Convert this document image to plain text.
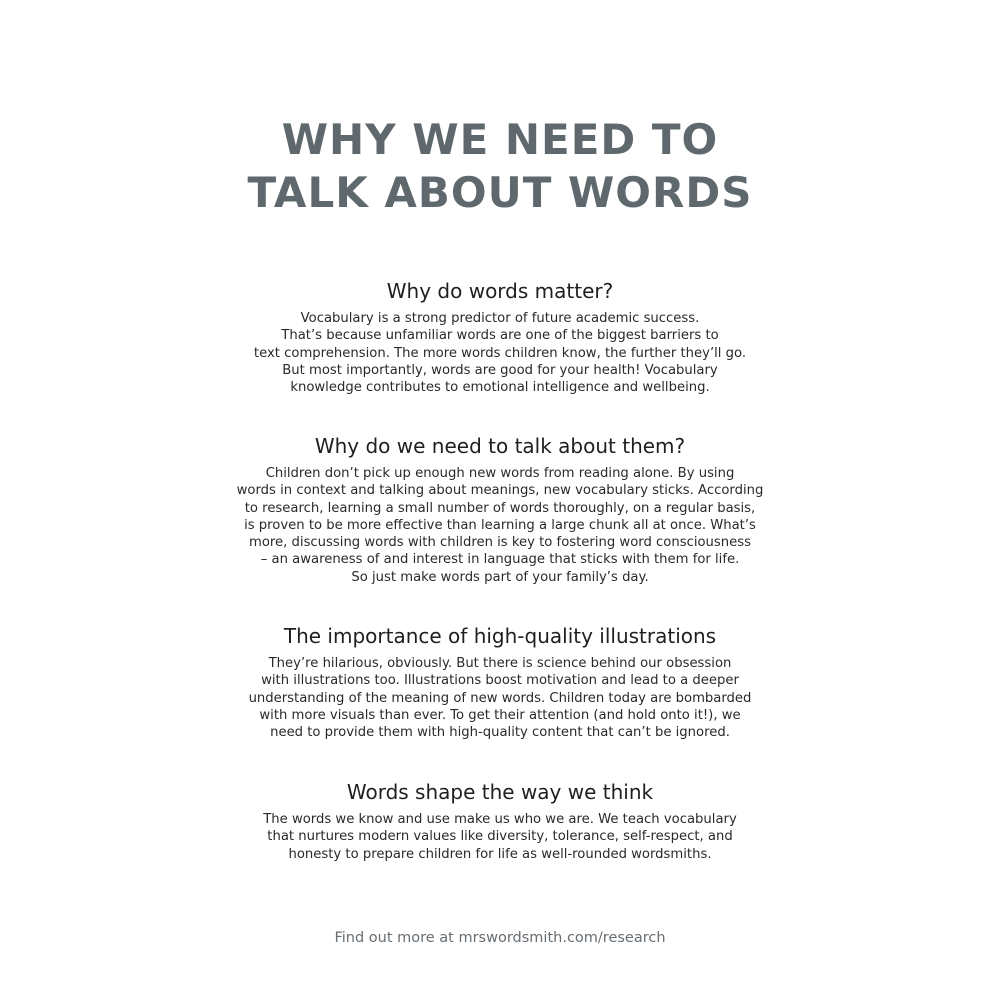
WHY WE NEED TO
TALK ABOUT WORDS
Why do words matter?

Vocabulary is a strong predictor of future academic success.
That’s because unfamiliar words are one of the biggest barriers to
text comprehension. The more words children know, the further they’ll go.
But most importantly, words are good for your health! Vocabulary
knowledge contributes to emotional intelligence and wellbeing.

Why do we need to talk about them?

Children don’t pick up enough new words from reading alone. By using
words in context and talking about meanings, new vocabulary sticks. According
to research, learning a small number of words thoroughly, on a regular basis,
is proven to be more effective than learning a large chunk all at once. What’s
more, discussing words with children is key to fostering word consciousness
– an awareness of and interest in language that sticks with them for life.
So just make words part of your family’s day.

The importance of high-quality illustrations

They’re hilarious, obviously. But there is science behind our obsession
with illustrations too. Illustrations boost motivation and lead to a deeper
understanding of the meaning of new words. Children today are bombarded
with more visuals than ever. To get their attention (and hold onto it!), we
need to provide them with high-quality content that can’t be ignored.

Words shape the way we think

The words we know and use make us who we are. We teach vocabulary
that nurtures modern values like diversity, tolerance, self-respect, and
honesty to prepare children for life as well-rounded wordsmiths.

Find out more at mrswordsmith.com/research
